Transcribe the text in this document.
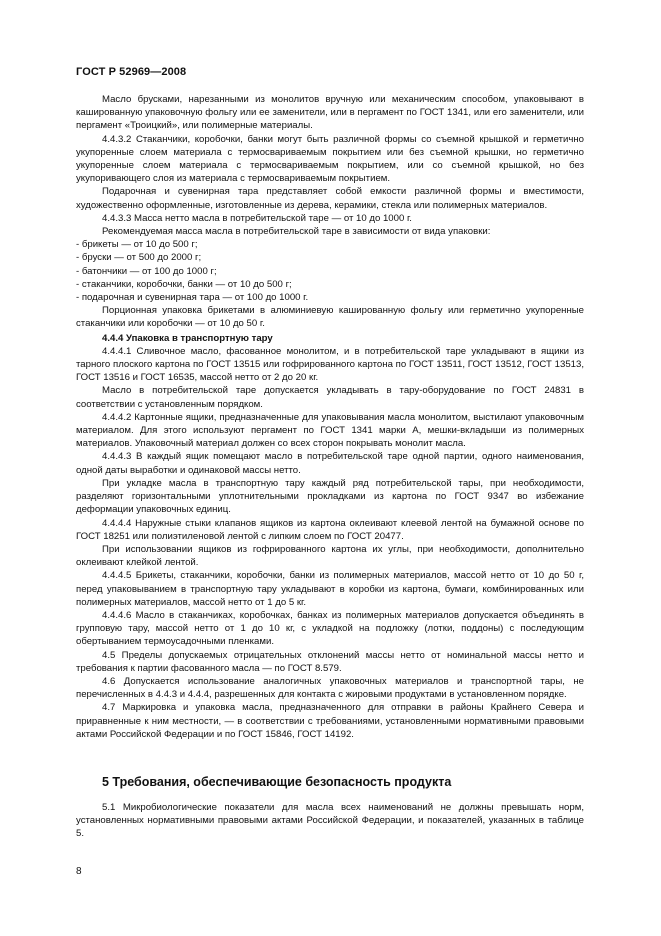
ГОСТ Р 52969—2008

Масло брусками, нарезанными из монолитов вручную или механическим способом, упаковывают в кашированную упаковочную фольгу или ее заменители, или в пергамент по ГОСТ 1341, или его заменители, или пергамент «Троицкий», или полимерные материалы.

4.4.3.2 Стаканчики, коробочки, банки могут быть различной формы со съемной крышкой и герметично укупоренные слоем материала с термосвариваемым покрытием или без съемной крышки, но герметично укупоренные слоем материала с термосвариваемым покрытием, или со съемной крышкой, но без укупоривающего слоя из материала с термосвариваемым покрытием.

Подарочная и сувенирная тара представляет собой емкости различной формы и вместимости, художественно оформленные, изготовленные из дерева, керамики, стекла или полимерных материалов.

4.4.3.3 Масса нетто масла в потребительской таре — от 10 до 1000 г.

Рекомендуемая масса масла в потребительской таре в зависимости от вида упаковки:

- брикеты — от 10 до 500 г;
- бруски — от 500 до 2000 г;
- батончики — от 100 до 1000 г;
- стаканчики, коробочки, банки — от 10 до 500 г;
- подарочная и сувенирная тара — от 100 до 1000 г.

Порционная упаковка брикетами в алюминиевую кашированную фольгу или герметично укупоренные стаканчики или коробочки — от 10 до 50 г.

4.4.4 Упаковка в транспортную тару

4.4.4.1 Сливочное масло, фасованное монолитом, и в потребительской таре укладывают в ящики из тарного плоского картона по ГОСТ 13515 или гофрированного картона по ГОСТ 13511, ГОСТ 13512, ГОСТ 13513, ГОСТ 13516 и ГОСТ 16535, массой нетто от 2 до 20 кг.

Масло в потребительской таре допускается укладывать в тару-оборудование по ГОСТ 24831 в соответствии с установленным порядком.

4.4.4.2 Картонные ящики, предназначенные для упаковывания масла монолитом, выстилают упаковочным материалом. Для этого используют пергамент по ГОСТ 1341 марки А, мешки-вкладыши из полимерных материалов. Упаковочный материал должен со всех сторон покрывать монолит масла.

4.4.4.3 В каждый ящик помещают масло в потребительской таре одной партии, одного наименования, одной даты выработки и одинаковой массы нетто.

При укладке масла в транспортную тару каждый ряд потребительской тары, при необходимости, разделяют горизонтальными уплотнительными прокладками из картона по ГОСТ 9347 во избежание деформации упаковочных единиц.

4.4.4.4 Наружные стыки клапанов ящиков из картона оклеивают клеевой лентой на бумажной основе по ГОСТ 18251 или полиэтиленовой лентой с липким слоем по ГОСТ 20477.

При использовании ящиков из гофрированного картона их углы, при необходимости, дополнительно оклеивают клейкой лентой.

4.4.4.5 Брикеты, стаканчики, коробочки, банки из полимерных материалов, массой нетто от 10 до 50 г, перед упаковыванием в транспортную тару укладывают в коробки из картона, бумаги, комбинированных или полимерных материалов, массой нетто от 1 до 5 кг.

4.4.4.6 Масло в стаканчиках, коробочках, банках из полимерных материалов допускается объединять в групповую тару, массой нетто от 1 до 10 кг, с укладкой на подложку (лотки, поддоны) с последующим обертыванием термоусадочными пленками.

4.5 Пределы допускаемых отрицательных отклонений массы нетто от номинальной массы нетто и требования к партии фасованного масла — по ГОСТ 8.579.

4.6 Допускается использование аналогичных упаковочных материалов и транспортной тары, не перечисленных в 4.4.3 и 4.4.4, разрешенных для контакта с жировыми продуктами в установленном порядке.

4.7 Маркировка и упаковка масла, предназначенного для отправки в районы Крайнего Севера и приравненные к ним местности, — в соответствии с требованиями, установленными нормативными правовыми актами Российской Федерации и по ГОСТ 15846, ГОСТ 14192.

5 Требования, обеспечивающие безопасность продукта

5.1 Микробиологические показатели для масла всех наименований не должны превышать норм, установленных нормативными правовыми актами Российской Федерации, и показателей, указанных в таблице 5.

8
